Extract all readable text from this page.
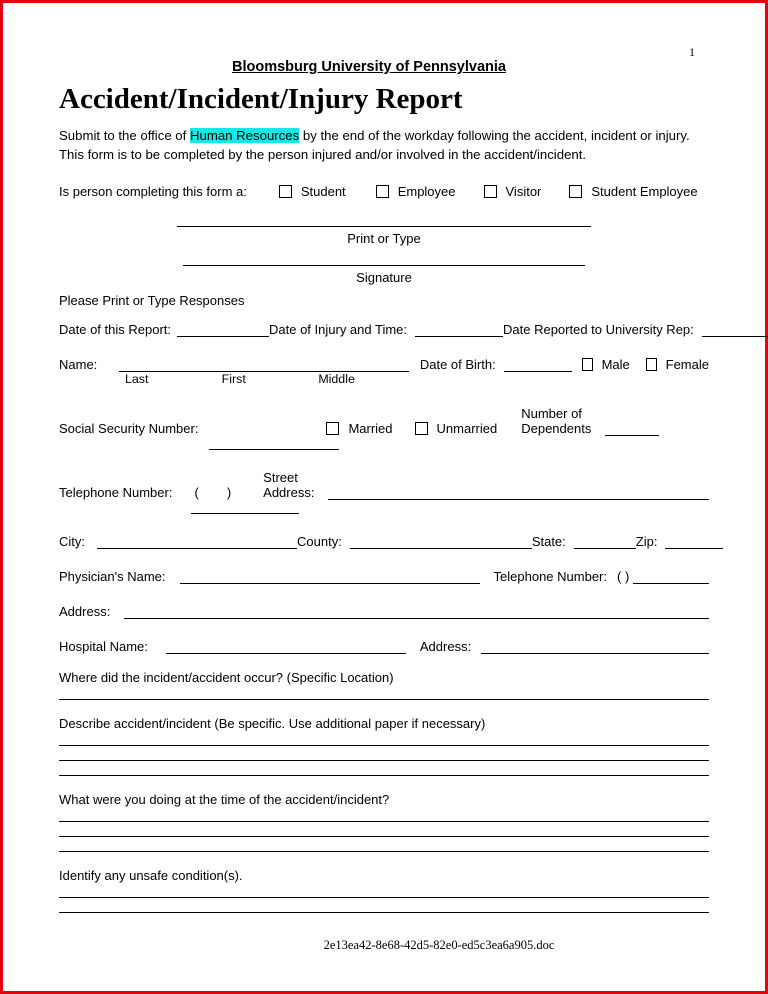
1
Bloomsburg University of Pennsylvania
Accident/Incident/Injury Report
Submit to the office of Human Resources by the end of the workday following the accident, incident or injury.
This form is to be completed by the person injured and/or involved in the accident/incident.
Is person completing this form a:	Student	Employee	Visitor	Student Employee
Print or Type
Signature
Please Print or Type Responses
Date of this Report:	Date of Injury and Time:	Date Reported to University Rep:
Name:	Date of Birth:	Male	Female
Last	First	Middle
Social Security Number:	Married	Unmarried
Number of
Dependents
Telephone Number: ( )
Street
Address:
City:	County:	State:	Zip:
Physician's Name:	Telephone Number: ( )
Address:
Hospital Name:	Address:
Where did the incident/accident occur? (Specific Location)
Describe accident/incident (Be specific. Use additional paper if necessary)
What were you doing at the time of the accident/incident?
Identify any unsafe condition(s).
2e13ea42-8e68-42d5-82e0-ed5c3ea6a905.doc
